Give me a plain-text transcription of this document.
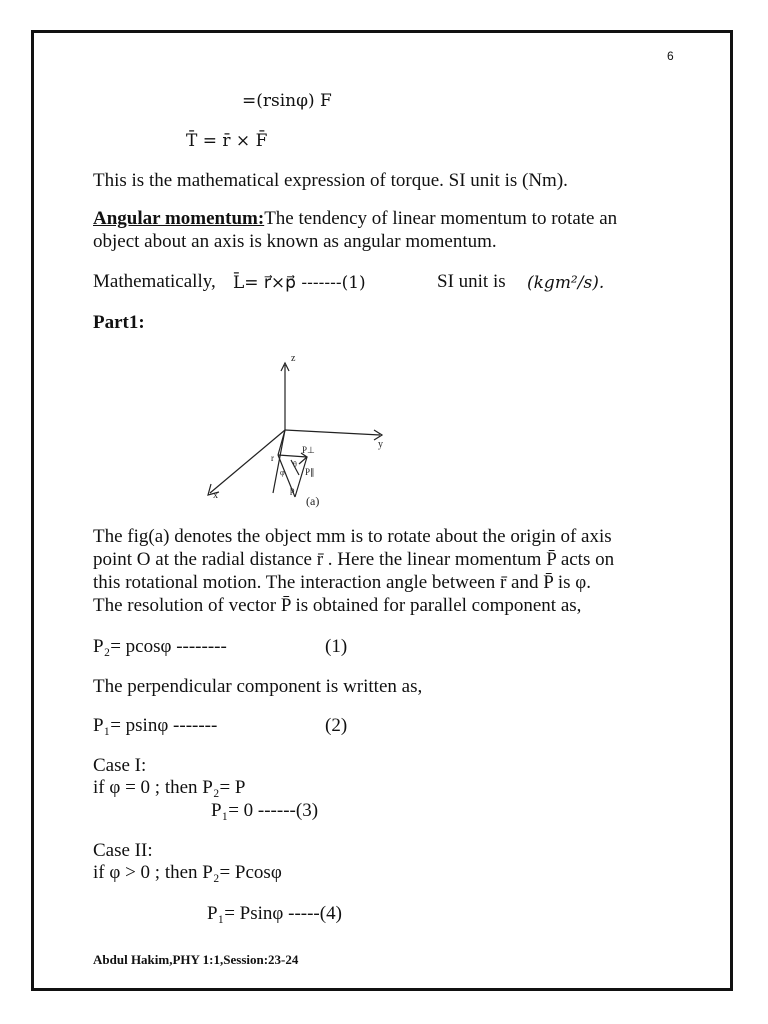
6
=(rsinφ) F
T̄ = r̄ × F̄
This is the mathematical expression of torque. SI unit is (Nm).
Angular momentum:The tendency of linear momentum to rotate an
object about an axis is known as angular momentum.
Mathematically, L̄= r⃗×p⃗ -------(1)	SI unit is (kgm²/s).
Part1:
z
y
x
r
p
P⊥
P∥
φ
θ
(a)
The fig(a) denotes the object mm is to rotate about the origin of axis
point O at the radial distance r̄ . Here the linear momentum P̄ acts on
this rotational motion. The interaction angle between r̄ and P̄ is φ.
The resolution of vector P̄ is obtained for parallel component as,
P₂= pcosφ --------	(1)
The perpendicular component is written as,
P₁= psinφ -------	(2)
Case I:
if φ = 0 ; then P₂= P
P₁= 0 ------(3)
Case II:
if φ > 0 ; then P₂= Pcosφ
P₁= Psinφ -----(4)
Abdul Hakim,PHY 1:1,Session:23-24
